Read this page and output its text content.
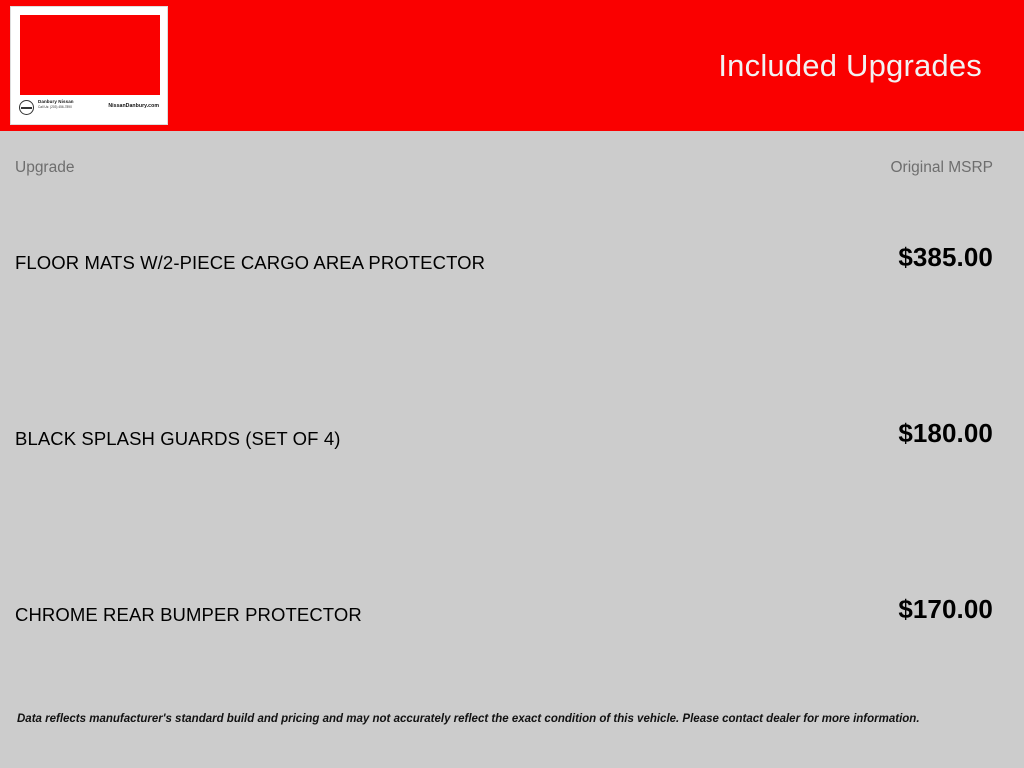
Danbury Nissan
Call Us: (203) 456-7890	NissanDanbury.com
Included Upgrades
Upgrade	Original MSRP
FLOOR MATS W/2-PIECE CARGO AREA PROTECTOR	$385.00
BLACK SPLASH GUARDS (SET OF 4)	$180.00
CHROME REAR BUMPER PROTECTOR	$170.00
Data reflects manufacturer's standard build and pricing and may not accurately reflect the exact condition of this vehicle. Please contact dealer for more information.
